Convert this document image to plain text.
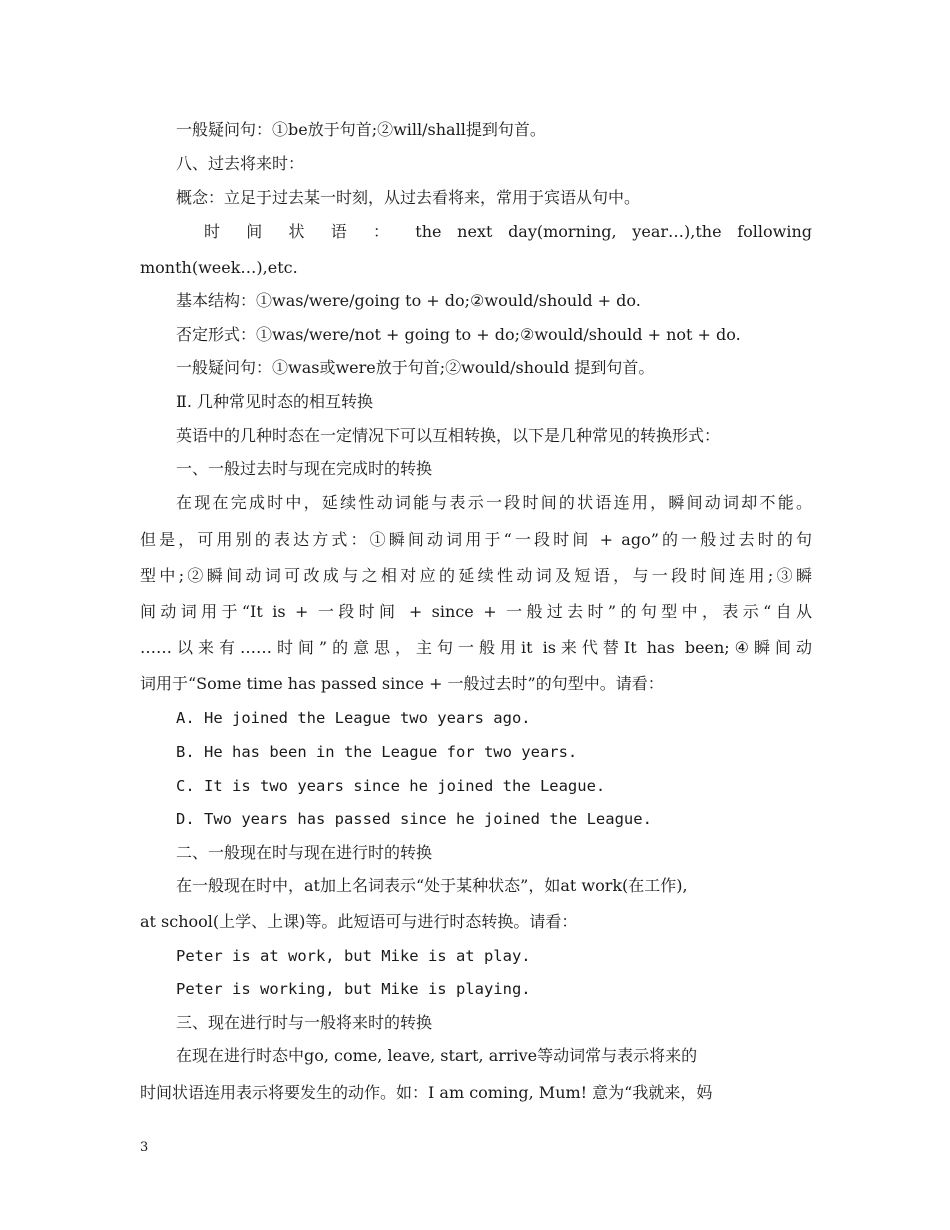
一般疑问句：①be放于句首;②will/shall提到句首。
八、过去将来时：
概念：立足于过去某一时刻，从过去看将来，常用于宾语从句中。
时 间 状 语 ： the next day(morning, year…),the following
month(week…),etc.
基本结构：①was/were/going to + do;②would/should + do.
否定形式：①was/were/not + going to + do;②would/should + not + do.
一般疑问句：①was或were放于句首;②would/should 提到句首。
Ⅱ. 几种常见时态的相互转换
英语中的几种时态在一定情况下可以互相转换，以下是几种常见的转换形式：
一、一般过去时与现在完成时的转换
在现在完成时中，延续性动词能与表示一段时间的状语连用，瞬间动词却不能。
但是，可用别的表达方式：①瞬间动词用于“一段时间 + ago”的一般过去时的句
型中;②瞬间动词可改成与之相对应的延续性动词及短语，与一段时间连用;③瞬
间动词用于“It is + 一段时间 + since + 一般过去时”的句型中，表示“自从
……以来有……时间”的意思，主句一般用it is来代替It has been;④瞬间动
词用于“Some time has passed since + 一般过去时”的句型中。请看：
A. He joined the League two years ago.
B. He has been in the League for two years.
C. It is two years since he joined the League.
D. Two years has passed since he joined the League.
二、一般现在时与现在进行时的转换
在一般现在时中，at加上名词表示“处于某种状态”，如at work(在工作),
at school(上学、上课)等。此短语可与进行时态转换。请看：
Peter is at work, but Mike is at play.
Peter is working, but Mike is playing.
三、现在进行时与一般将来时的转换
在现在进行时态中go, come, leave, start, arrive等动词常与表示将来的
时间状语连用表示将要发生的动作。如：I am coming, Mum! 意为“我就来，妈
3
